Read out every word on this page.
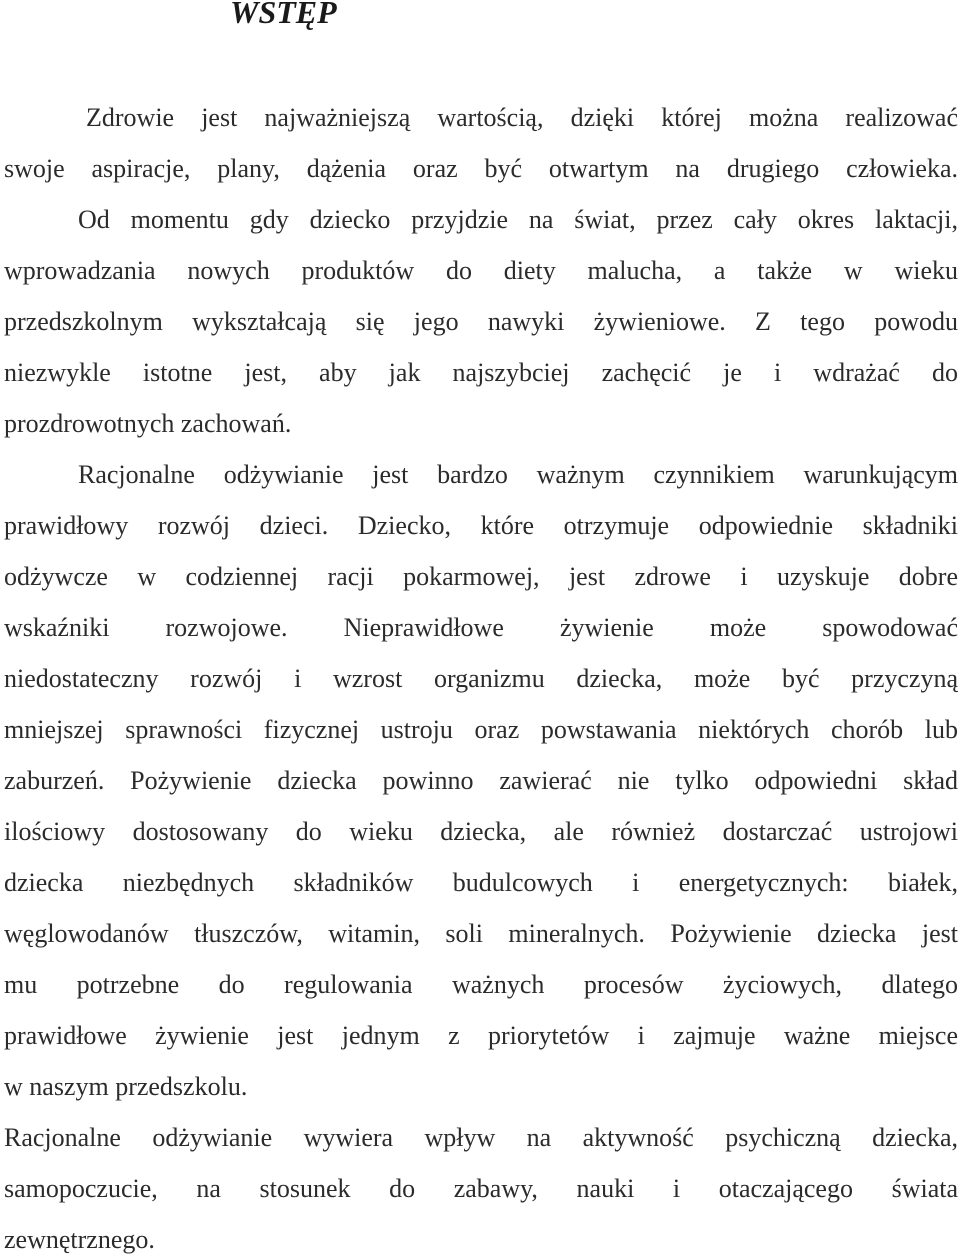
WSTĘP

Zdrowie jest najważniejszą wartością, dzięki której można realizować

swoje aspiracje, plany, dążenia oraz być otwartym na drugiego człowieka.

Od momentu gdy dziecko przyjdzie na świat, przez cały okres laktacji,

wprowadzania nowych produktów do diety malucha, a także w wieku

przedszkolnym wykształcają się jego nawyki żywieniowe. Z tego powodu

niezwykle istotne jest, aby jak najszybciej zachęcić je i wdrażać do

prozdrowotnych zachowań.

Racjonalne odżywianie jest bardzo ważnym czynnikiem warunkującym

prawidłowy rozwój dzieci. Dziecko, które otrzymuje odpowiednie składniki

odżywcze w codziennej racji pokarmowej, jest zdrowe i uzyskuje dobre

wskaźniki rozwojowe. Nieprawidłowe żywienie może spowodować

niedostateczny rozwój i wzrost organizmu dziecka, może być przyczyną

mniejszej sprawności fizycznej ustroju oraz powstawania niektórych chorób lub

zaburzeń. Pożywienie dziecka powinno zawierać nie tylko odpowiedni skład

ilościowy dostosowany do wieku dziecka, ale również dostarczać ustrojowi

dziecka niezbędnych składników budulcowych i energetycznych: białek,

węglowodanów tłuszczów, witamin, soli mineralnych. Pożywienie dziecka jest

mu potrzebne do regulowania ważnych procesów życiowych, dlatego

prawidłowe żywienie jest jednym z priorytetów i zajmuje ważne miejsce

w naszym przedszkolu.

Racjonalne odżywianie wywiera wpływ na aktywność psychiczną dziecka,

samopoczucie, na stosunek do zabawy, nauki i otaczającego świata

zewnętrznego.
